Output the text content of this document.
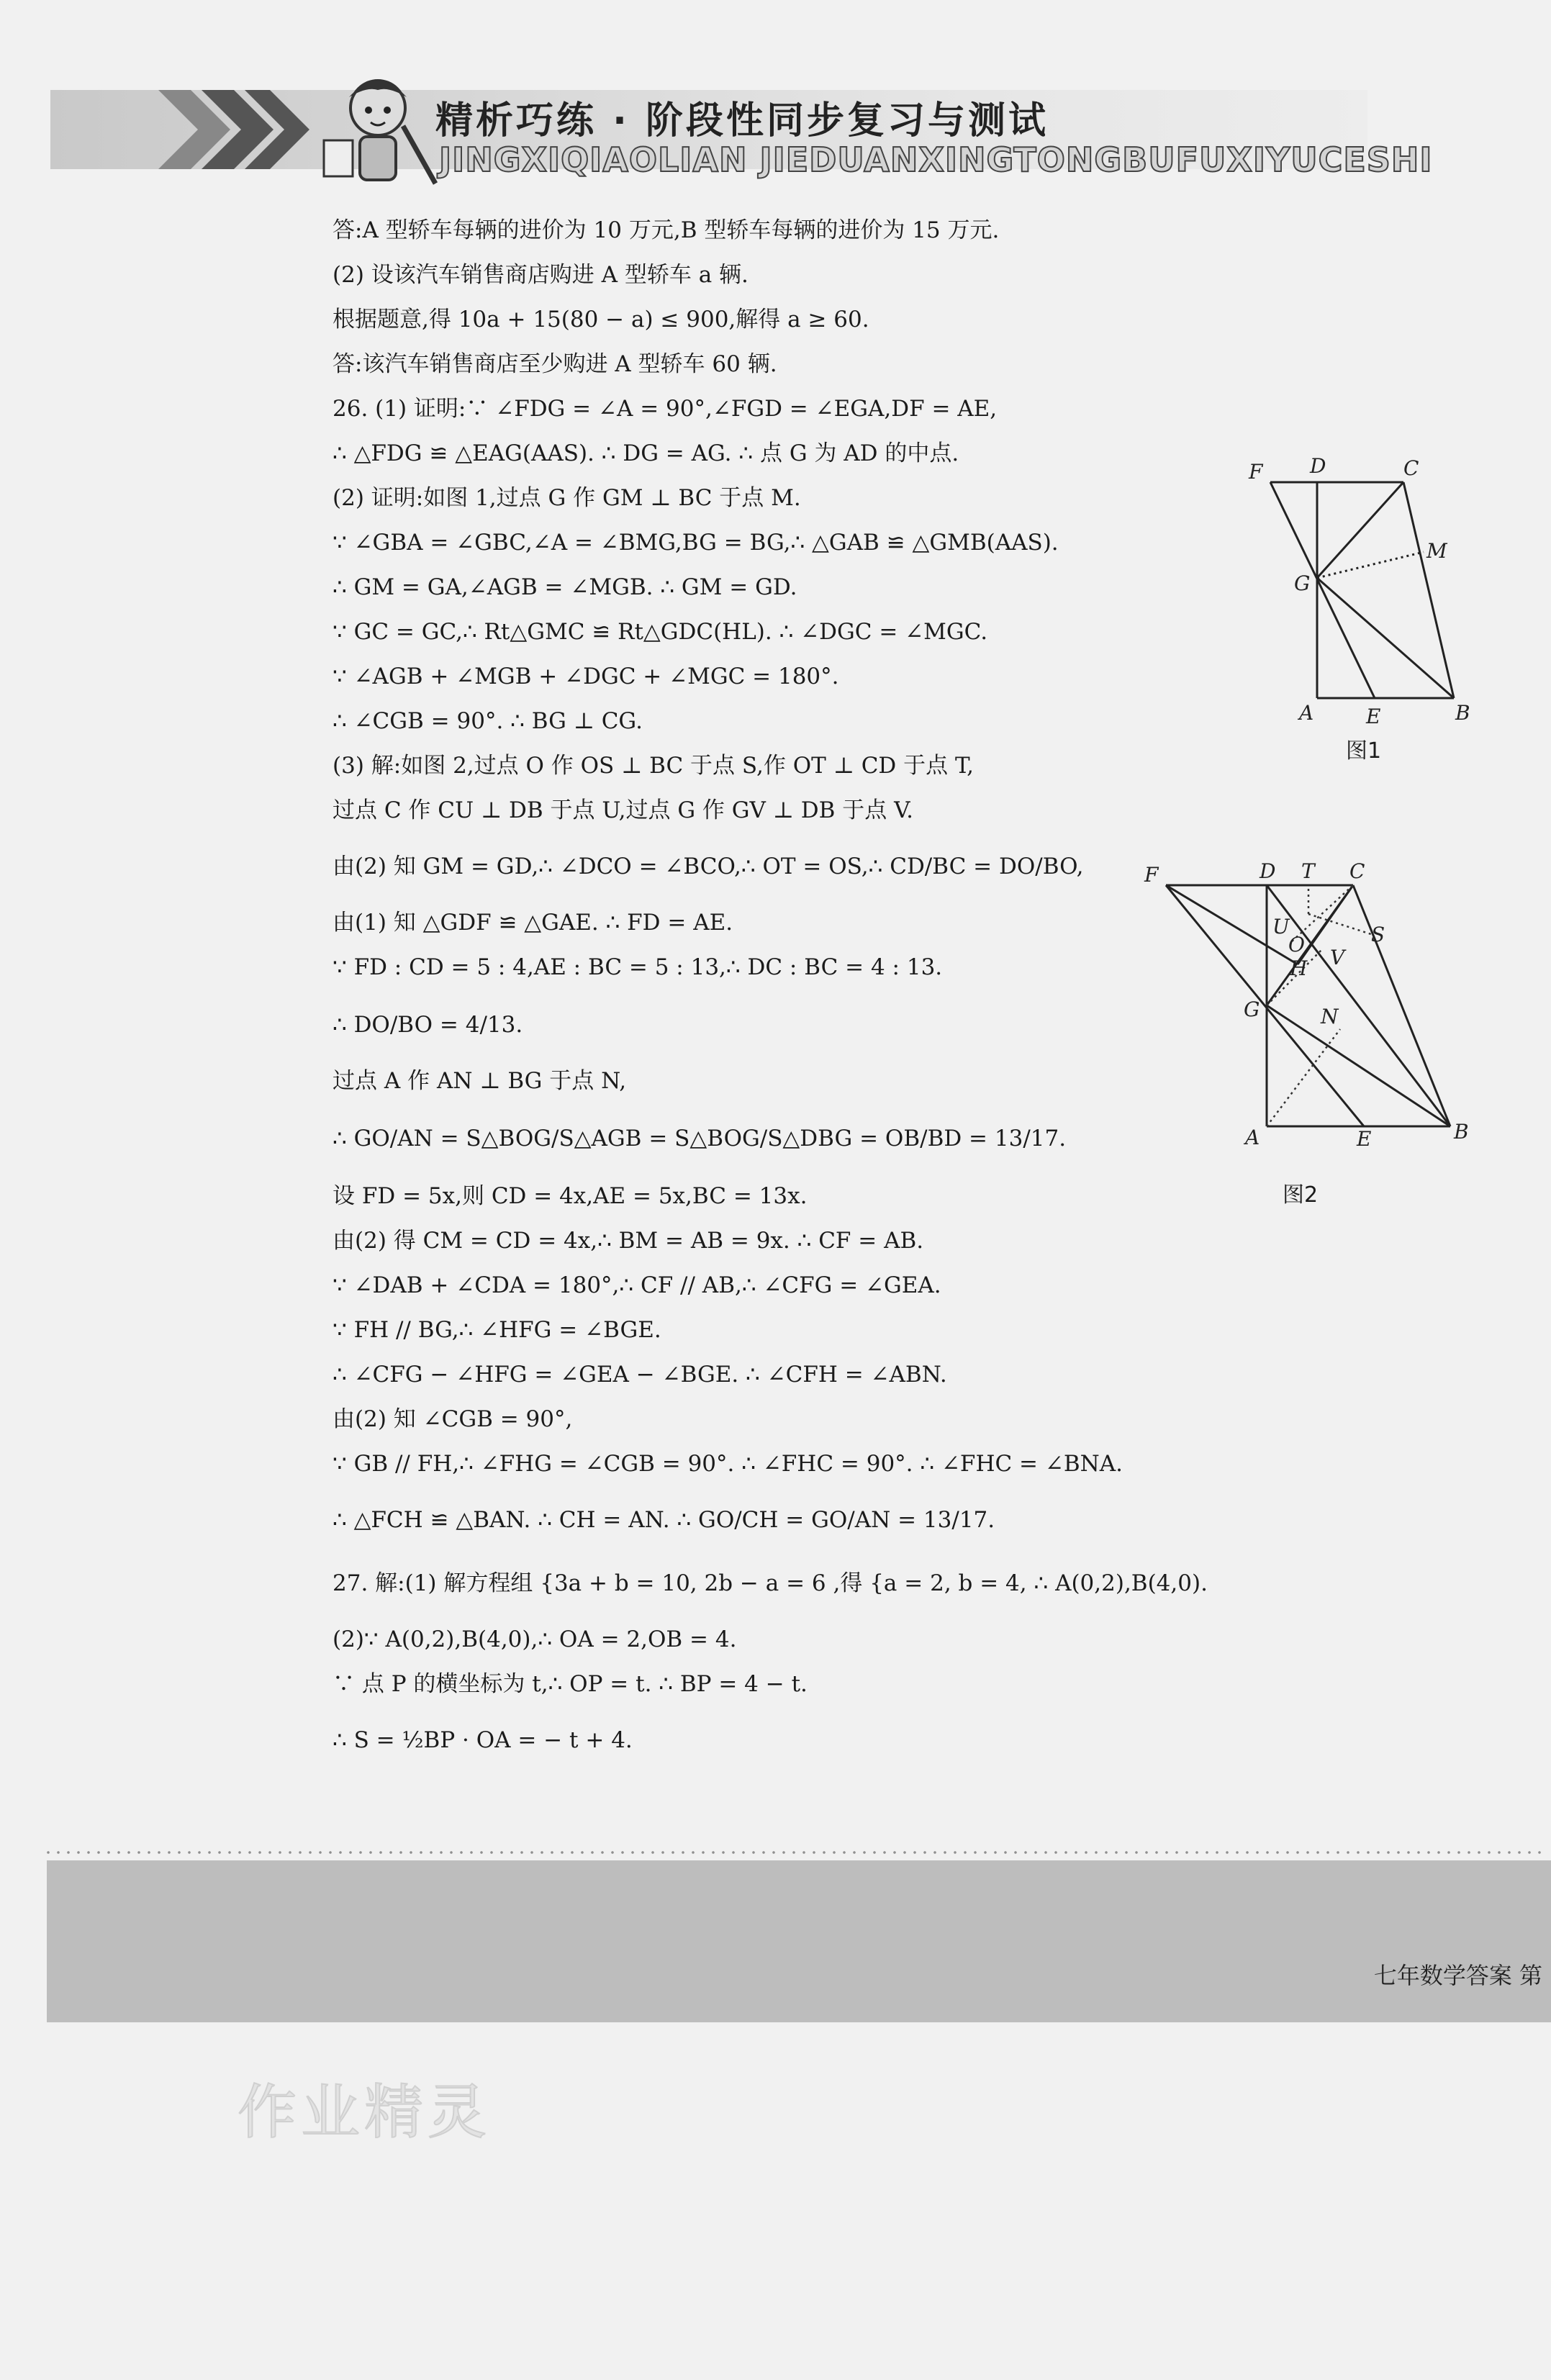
精析巧练 · 阶段性同步复习与测试
JINGXIQIAOLIAN JIEDUANXINGTONGBUFUXIYUCESHI
答:A 型轿车每辆的进价为 10 万元,B 型轿车每辆的进价为 15 万元.
(2) 设该汽车销售商店购进 A 型轿车 a 辆.
根据题意,得 10a + 15(80 − a) ≤ 900,解得 a ≥ 60.
答:该汽车销售商店至少购进 A 型轿车 60 辆.
26. (1) 证明:∵ ∠FDG = ∠A = 90°,∠FGD = ∠EGA,DF = AE,
∴ △FDG ≌ △EAG(AAS). ∴ DG = AG. ∴ 点 G 为 AD 的中点.
(2) 证明:如图 1,过点 G 作 GM ⊥ BC 于点 M.
∵ ∠GBA = ∠GBC,∠A = ∠BMG,BG = BG,∴ △GAB ≌ △GMB(AAS).
∴ GM = GA,∠AGB = ∠MGB. ∴ GM = GD.
∵ GC = GC,∴ Rt△GMC ≌ Rt△GDC(HL). ∴ ∠DGC = ∠MGC.
∵ ∠AGB + ∠MGB + ∠DGC + ∠MGC = 180°.
∴ ∠CGB = 90°. ∴ BG ⊥ CG.
(3) 解:如图 2,过点 O 作 OS ⊥ BC 于点 S,作 OT ⊥ CD 于点 T,
过点 C 作 CU ⊥ DB 于点 U,过点 G 作 GV ⊥ DB 于点 V.
由(2) 知 GM = GD,∴ ∠DCO = ∠BCO,∴ OT = OS,∴ CD/BC = DO/BO,
由(1) 知 △GDF ≌ △GAE. ∴ FD = AE.
∵ FD : CD = 5 : 4,AE : BC = 5 : 13,∴ DC : BC = 4 : 13.
∴ DO/BO = 4/13.
过点 A 作 AN ⊥ BG 于点 N,
∴ GO/AN = S△BOG/S△AGB = S△BOG/S△DBG = OB/BD = 13/17.
设 FD = 5x,则 CD = 4x,AE = 5x,BC = 13x.
由(2) 得 CM = CD = 4x,∴ BM = AB = 9x. ∴ CF = AB.
∵ ∠DAB + ∠CDA = 180°,∴ CF // AB,∴ ∠CFG = ∠GEA.
∵ FH // BG,∴ ∠HFG = ∠BGE.
∴ ∠CFG − ∠HFG = ∠GEA − ∠BGE. ∴ ∠CFH = ∠ABN.
由(2) 知 ∠CGB = 90°,
∵ GB // FH,∴ ∠FHG = ∠CGB = 90°. ∴ ∠FHC = 90°. ∴ ∠FHC = ∠BNA.
∴ △FCH ≌ △BAN. ∴ CH = AN. ∴ GO/CH = GO/AN = 13/17.
27. 解:(1) 解方程组 {3a + b = 10, 2b − a = 6 ,得 {a = 2, b = 4, ∴ A(0,2),B(4,0).
(2)∵ A(0,2),B(4,0),∴ OA = 2,OB = 4.
∵ 点 P 的横坐标为 t,∴ OP = t. ∴ BP = 4 − t.
∴ S = ½BP · OA = − t + 4.
F D	C
M
G
A	E	B
图1
F	D T C
S
U
O
V
H
G	N
A	E	B
图2
七年数学答案 第
作业精灵
